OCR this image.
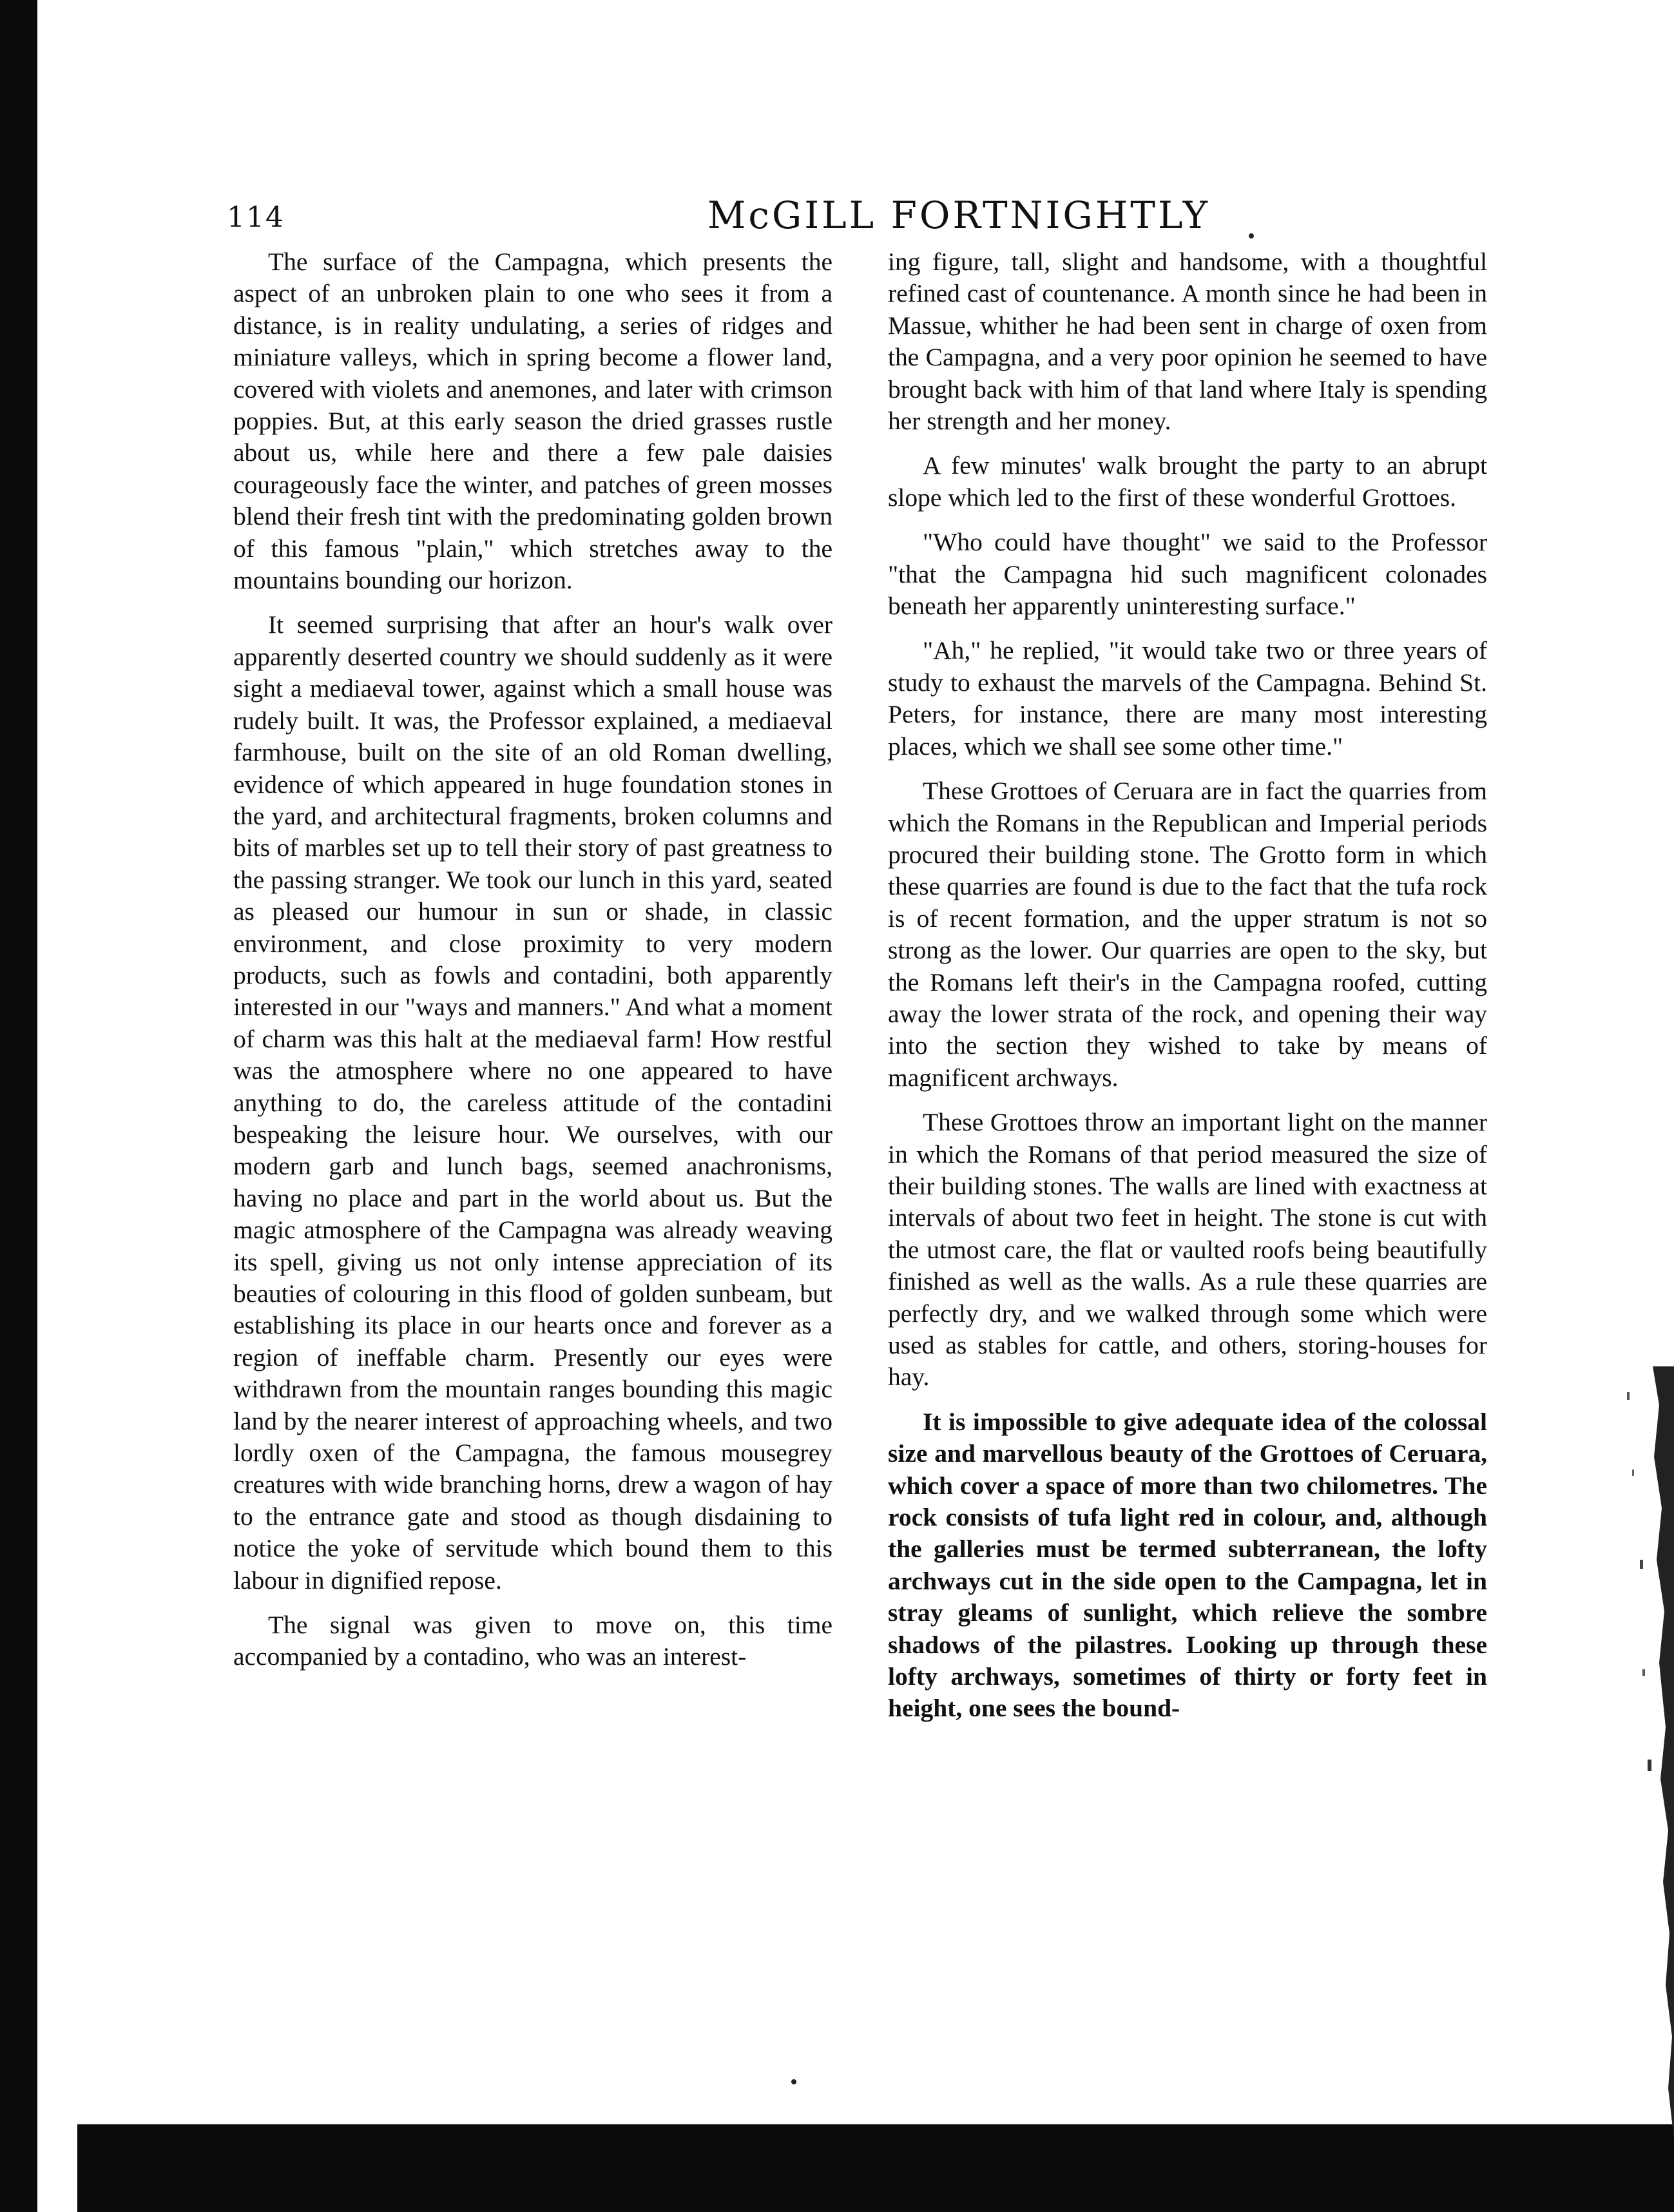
114	McGILL FORTNIGHTLY

The surface of the Campagna, which presents the aspect of an unbroken plain to one who sees it from a distance, is in reality undulating, a series of ridges and miniature valleys, which in spring become a flower land, covered with violets and anemones, and later with crimson poppies. But, at this early season the dried grasses rustle about us, while here and there a few pale daisies courageously face the winter, and patches of green mosses blend their fresh tint with the predominating golden brown of this famous "plain," which stretches away to the mountains bounding our horizon.

It seemed surprising that after an hour's walk over apparently deserted country we should suddenly as it were sight a mediaeval tower, against which a small house was rudely built. It was, the Professor explained, a mediaeval farmhouse, built on the site of an old Roman dwelling, evidence of which appeared in huge foundation stones in the yard, and architectural fragments, broken columns and bits of marbles set up to tell their story of past greatness to the passing stranger. We took our lunch in this yard, seated as pleased our humour in sun or shade, in classic environment, and close proximity to very modern products, such as fowls and contadini, both apparently interested in our "ways and manners." And what a moment of charm was this halt at the mediaeval farm! How restful was the atmosphere where no one appeared to have anything to do, the careless attitude of the contadini bespeaking the leisure hour. We ourselves, with our modern garb and lunch bags, seemed anachronisms, having no place and part in the world about us. But the magic atmosphere of the Campagna was already weaving its spell, giving us not only intense appreciation of its beauties of colouring in this flood of golden sunbeam, but establishing its place in our hearts once and forever as a region of ineffable charm. Presently our eyes were withdrawn from the mountain ranges bounding this magic land by the nearer interest of approaching wheels, and two lordly oxen of the Campagna, the famous mousegrey creatures with wide branching horns, drew a wagon of hay to the entrance gate and stood as though disdaining to notice the yoke of servitude which bound them to this labour in dignified repose.

The signal was given to move on, this time accompanied by a contadino, who was an interest-

ing figure, tall, slight and handsome, with a thoughtful refined cast of countenance. A month since he had been in Massue, whither he had been sent in charge of oxen from the Campagna, and a very poor opinion he seemed to have brought back with him of that land where Italy is spending her strength and her money.

A few minutes' walk brought the party to an abrupt slope which led to the first of these wonderful Grottoes.

"Who could have thought" we said to the Professor "that the Campagna hid such magnificent colonades beneath her apparently uninteresting surface."

"Ah," he replied, "it would take two or three years of study to exhaust the marvels of the Campagna. Behind St. Peters, for instance, there are many most interesting places, which we shall see some other time."

These Grottoes of Ceruara are in fact the quarries from which the Romans in the Republican and Imperial periods procured their building stone. The Grotto form in which these quarries are found is due to the fact that the tufa rock is of recent formation, and the upper stratum is not so strong as the lower. Our quarries are open to the sky, but the Romans left their's in the Campagna roofed, cutting away the lower strata of the rock, and opening their way into the section they wished to take by means of magnificent archways.

These Grottoes throw an important light on the manner in which the Romans of that period measured the size of their building stones. The walls are lined with exactness at intervals of about two feet in height. The stone is cut with the utmost care, the flat or vaulted roofs being beautifully finished as well as the walls. As a rule these quarries are perfectly dry, and we walked through some which were used as stables for cattle, and others, storing-houses for hay.

It is impossible to give adequate idea of the colossal size and marvellous beauty of the Grottoes of Ceruara, which cover a space of more than two chilometres. The rock consists of tufa light red in colour, and, although the galleries must be termed subterranean, the lofty archways cut in the side open to the Campagna, let in stray gleams of sunlight, which relieve the sombre shadows of the pilastres. Looking up through these lofty archways, sometimes of thirty or forty feet in height, one sees the bound-
